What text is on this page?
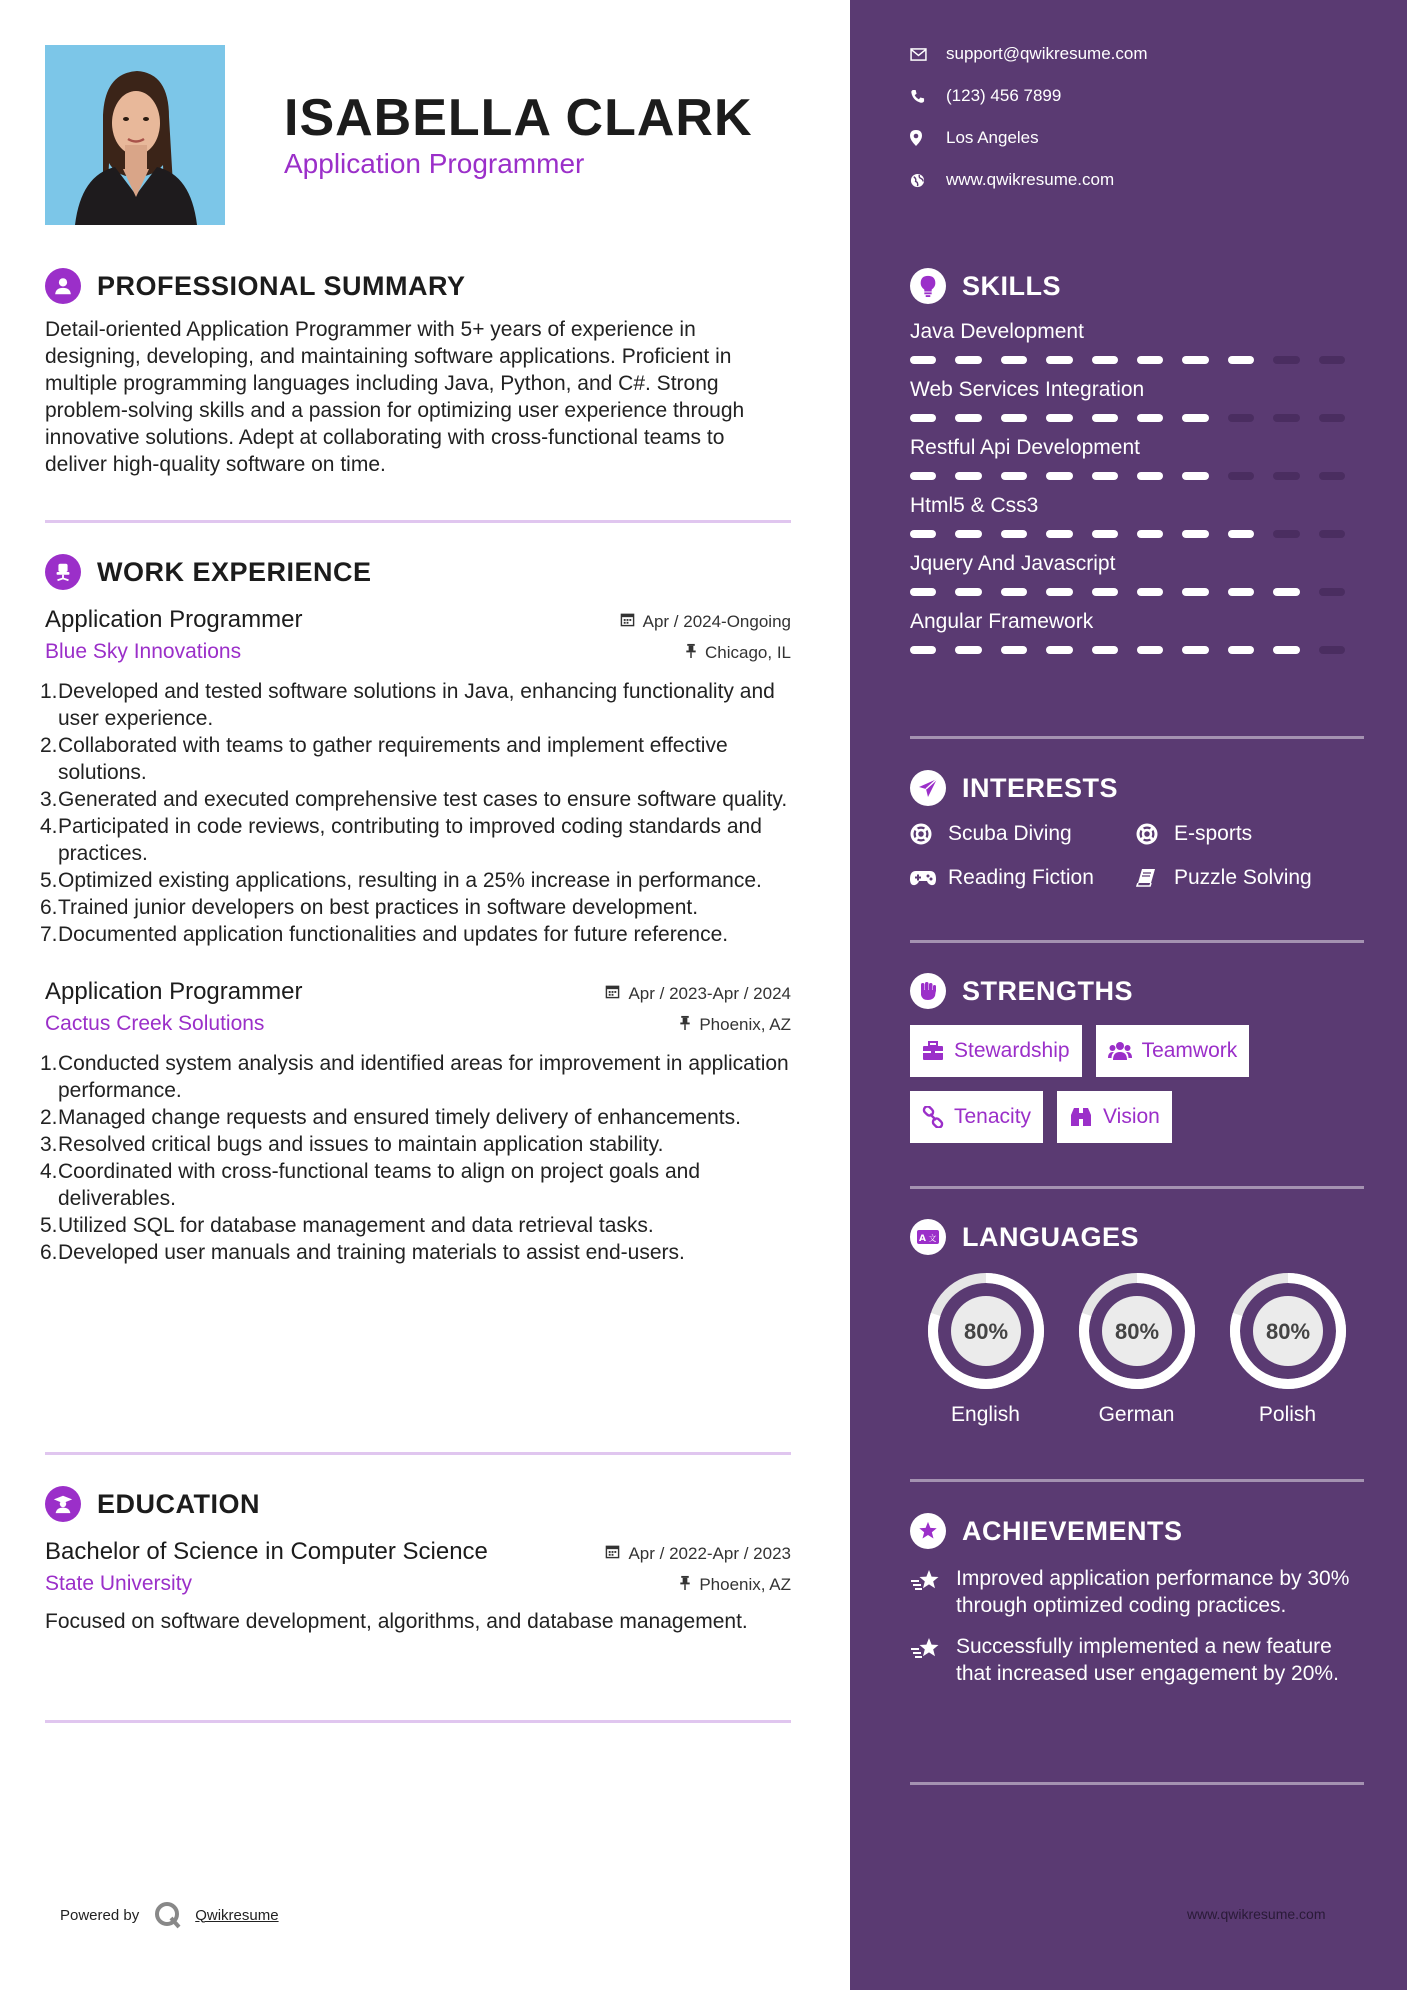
ISABELLA CLARK
Application Programmer
PROFESSIONAL SUMMARY

Detail-oriented Application Programmer with 5+ years of experience in designing, developing, and maintaining software applications. Proficient in multiple programming languages including Java, Python, and C#. Strong problem-solving skills and a passion for optimizing user experience through innovative solutions. Adept at collaborating with cross-functional teams to deliver high-quality software on time.

WORK EXPERIENCE
Application Programmer	Apr / 2024-Ongoing
Blue Sky Innovations	Chicago, IL
1. Developed and tested software solutions in Java, enhancing functionality and user experience.
2. Collaborated with teams to gather requirements and implement effective solutions.
3. Generated and executed comprehensive test cases to ensure software quality.
4. Participated in code reviews, contributing to improved coding standards and practices.
5. Optimized existing applications, resulting in a 25% increase in performance.
6. Trained junior developers on best practices in software development.
7. Documented application functionalities and updates for future reference.
Application Programmer	Apr / 2023-Apr / 2024
Cactus Creek Solutions	Phoenix, AZ
1. Conducted system analysis and identified areas for improvement in application performance.
2. Managed change requests and ensured timely delivery of enhancements.
3. Resolved critical bugs and issues to maintain application stability.
4. Coordinated with cross-functional teams to align on project goals and deliverables.
5. Utilized SQL for database management and data retrieval tasks.
6. Developed user manuals and training materials to assist end-users.
EDUCATION
Bachelor of Science in Computer Science	Apr / 2022-Apr / 2023
State University	Phoenix, AZ

Focused on software development, algorithms, and database management.

Powered by	Qwikresume
support@qwikresume.com
(123) 456 7899
Los Angeles
www.qwikresume.com
SKILLS
Java Development
Web Services Integration
Restful Api Development
Html5 & Css3
Jquery And Javascript
Angular Framework
INTERESTS
Scuba Diving	E-sports
Reading Fiction	Puzzle Solving
STRENGTHS
Stewardship	Teamwork
Tenacity	Vision
A 文 LANGUAGES
80%
English
80%
German
80%
Polish
ACHIEVEMENTS
Improved application performance by 30% through optimized coding practices.
Successfully implemented a new feature that increased user engagement by 20%.
www.qwikresume.com
